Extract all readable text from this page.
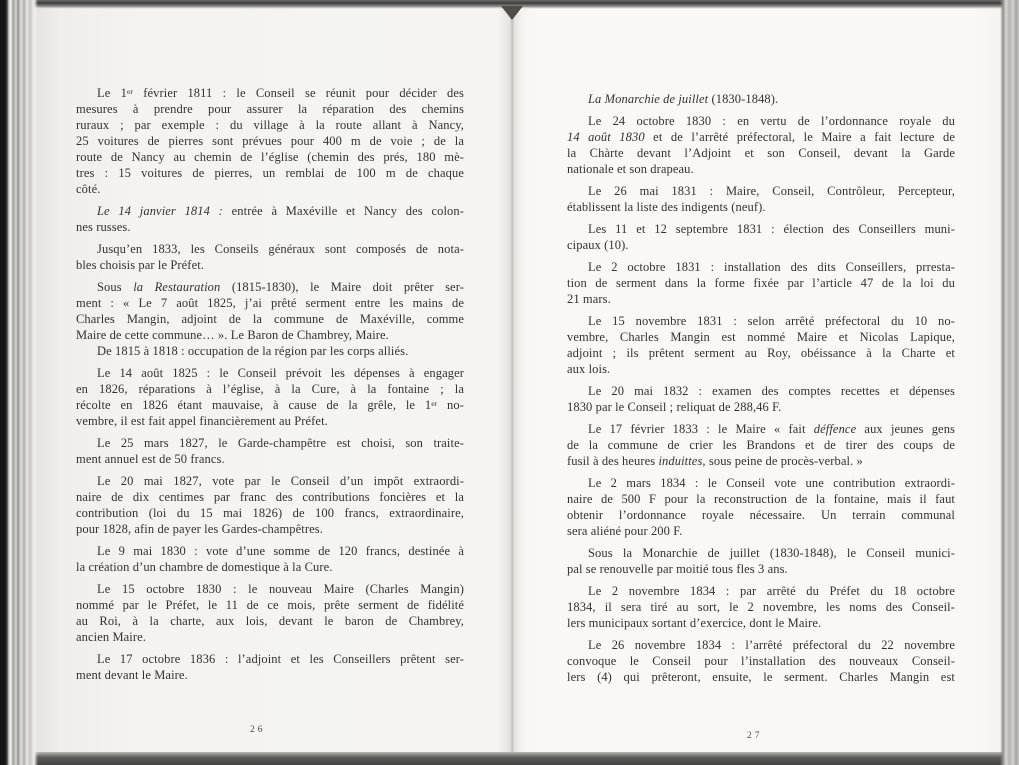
Le 1er février 1811 : le Conseil se réunit pour décider des
mesures à prendre pour assurer la réparation des chemins
ruraux ; par exemple : du village à la route allant à Nancy,
25 voitures de pierres sont prévues pour 400 m de voie ; de la
route de Nancy au chemin de l’église (chemin des prés, 180 mè-
tres : 15 voitures de pierres, un remblai de 100 m de chaque
côté.
Le 14 janvier 1814 : entrée à Maxéville et Nancy des colon-
nes russes.
Jusqu’en 1833, les Conseils généraux sont composés de nota-
bles choisis par le Préfet.
Sous la Restauration (1815-1830), le Maire doit prêter ser-
ment : « Le 7 août 1825, j’ai prêté serment entre les mains de
Charles Mangin, adjoint de la commune de Maxéville, comme
Maire de cette commune… ». Le Baron de Chambrey, Maire.
De 1815 à 1818 : occupation de la région par les corps alliés.
Le 14 août 1825 : le Conseil prévoit les dépenses à engager
en 1826, réparations à l’église, à la Cure, à la fontaine ; la
récolte en 1826 étant mauvaise, à cause de la grêle, le 1er no-
vembre, il est fait appel financièrement au Préfet.
Le 25 mars 1827, le Garde-champêtre est choisi, son traite-
ment annuel est de 50 francs.
Le 20 mai 1827, vote par le Conseil d’un impôt extraordi-
naire de dix centimes par franc des contributions foncières et la
contribution (loi du 15 mai 1826) de 100 francs, extraordinaire,
pour 1828, afin de payer les Gardes-champêtres.
Le 9 mai 1830 : vote d’une somme de 120 francs, destinée à
la création d’un chambre de domestique à la Cure.
Le 15 octobre 1830 : le nouveau Maire (Charles Mangin)
nommé par le Préfet, le 11 de ce mois, prête serment de fidélité
au Roi, à la charte, aux lois, devant le baron de Chambrey,
ancien Maire.
Le 17 octobre 1836 : l’adjoint et les Conseillers prêtent ser-
ment devant le Maire.
26
La Monarchie de juillet (1830-1848).
Le 24 octobre 1830 : en vertu de l’ordonnance royale du
14 août 1830 et de l’arrêté préfectoral, le Maire a fait lecture de
la Chàrte devant l’Adjoint et son Conseil, devant la Garde
nationale et son drapeau.
Le 26 mai 1831 : Maire, Conseil, Contrôleur, Percepteur,
établissent la liste des indigents (neuf).
Les 11 et 12 septembre 1831 : élection des Conseillers muni-
cipaux (10).
Le 2 octobre 1831 : installation des dits Conseillers, prresta-
tion de serment dans la forme fixée par l’article 47 de la loi du
21 mars.
Le 15 novembre 1831 : selon arrêté préfectoral du 10 no-
vembre, Charles Mangin est nommé Maire et Nicolas Lapique,
adjoint ; ils prêtent serment au Roy, obéissance à la Charte et
aux lois.
Le 20 mai 1832 : examen des comptes recettes et dépenses
1830 par le Conseil ; reliquat de 288,46 F.
Le 17 février 1833 : le Maire « fait déffence aux jeunes gens
de la commune de crier les Brandons et de tirer des coups de
fusil à des heures induittes, sous peine de procès-verbal. »
Le 2 mars 1834 : le Conseil vote une contribution extraordi-
naire de 500 F pour la reconstruction de la fontaine, mais il faut
obtenir l’ordonnance royale nécessaire. Un terrain communal
sera aliéné pour 200 F.
Sous la Monarchie de juillet (1830-1848), le Conseil munici-
pal se renouvelle par moitié tous fles 3 ans.
Le 2 novembre 1834 : par arrêté du Préfet du 18 octobre
1834, il sera tiré au sort, le 2 novembre, les noms des Conseil-
lers municipaux sortant d’exercice, dont le Maire.
Le 26 novembre 1834 : l’arrêté préfectoral du 22 novembre
convoque le Conseil pour l’installation des nouveaux Conseil-
lers (4) qui prêteront, ensuite, le serment. Charles Mangin est
27
